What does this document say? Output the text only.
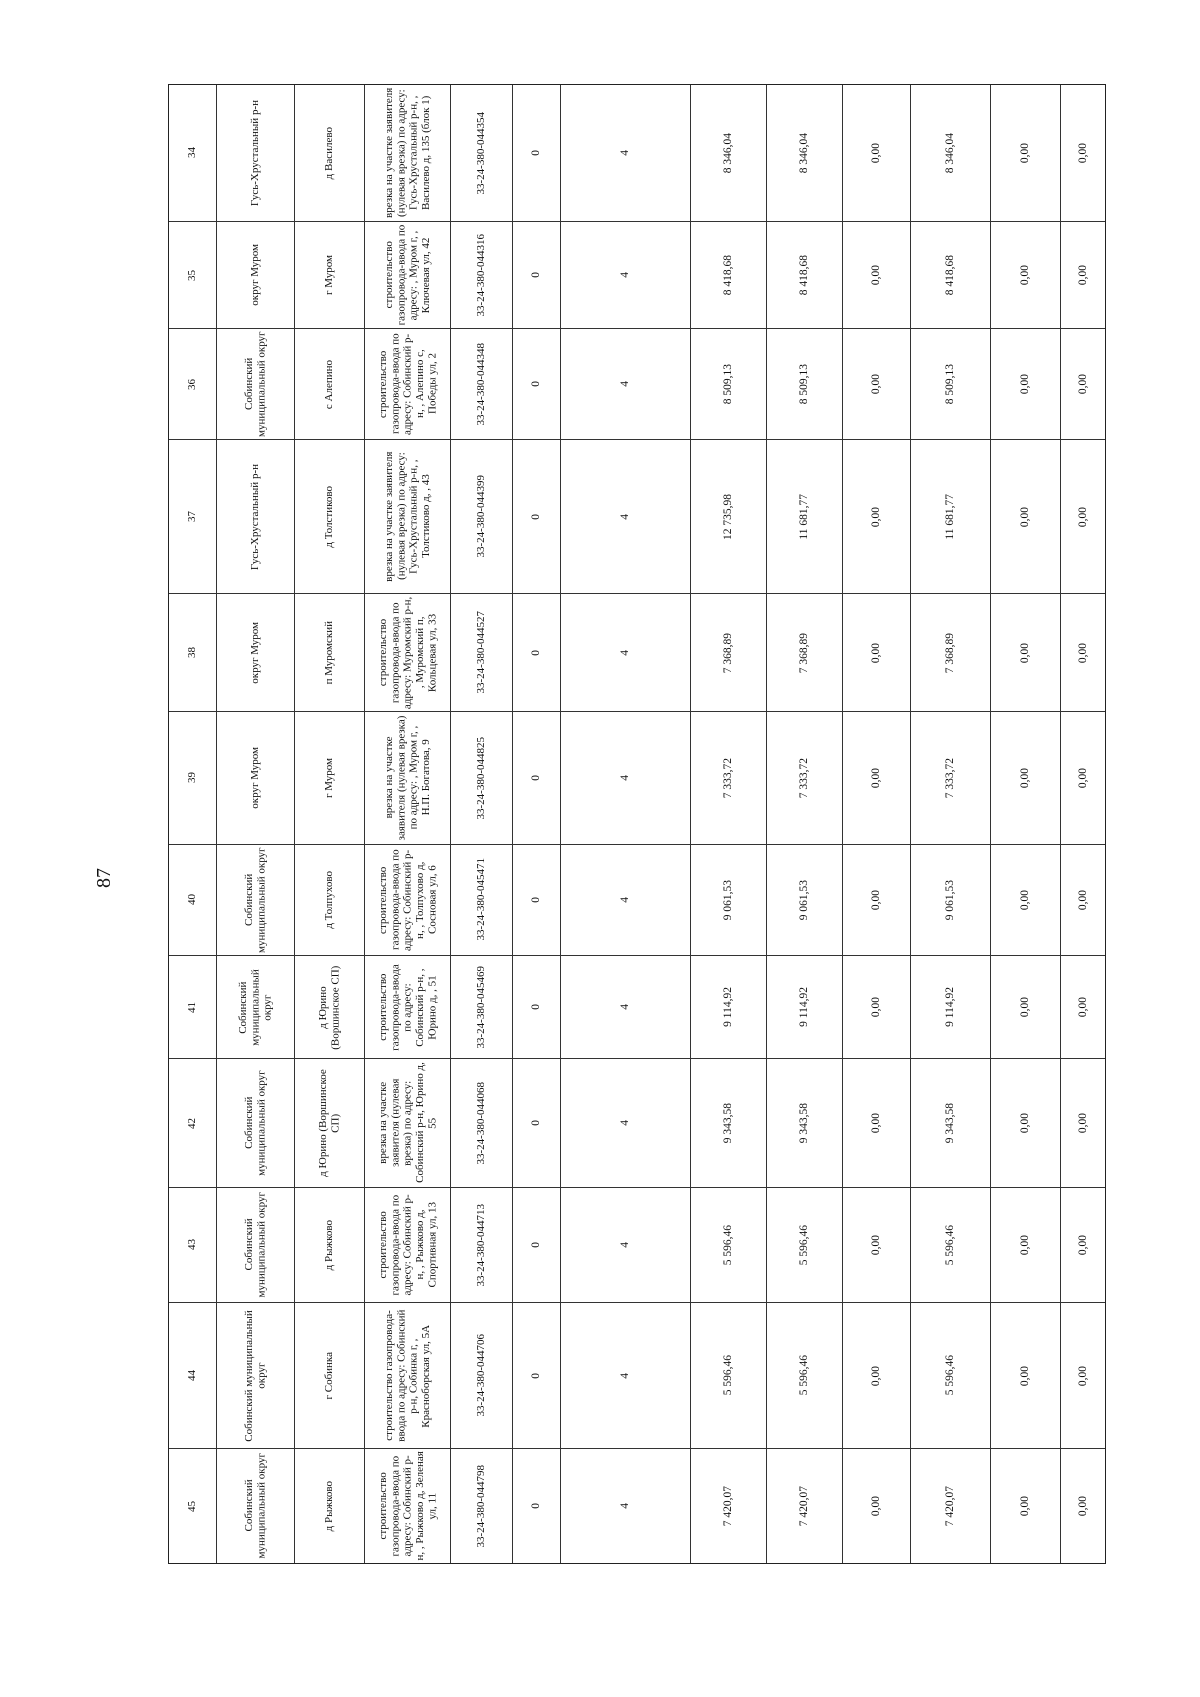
87
34	Гусь-Хрустальный р-н	д Василево	врезка на участке заявителя (нулевая врезка) по адресу: Гусь-Хрустальный р-н, , Василево д, 135 (блок 1)	33-24-380-044354	0	4	8 346,04	8 346,04	0,00	8 346,04	0,00	0,00
35	округ Муром	г Муром	строительство газопровода-ввода по адресу: , Муром г, , Ключевая ул, 42	33-24-380-044316	0	4	8 418,68	8 418,68	0,00	8 418,68	0,00	0,00
36	Собинский муниципальный округ	с Алепино	строительство газопровода-ввода по адресу: Собинский р-н, , Алепино с, Победы ул, 2	33-24-380-044348	0	4	8 509,13	8 509,13	0,00	8 509,13	0,00	0,00
37	Гусь-Хрустальный р-н	д Толстиково	врезка на участке заявителя (нулевая врезка) по адресу: Гусь-Хрустальный р-н, , Толстиково д, , 43	33-24-380-044399	0	4	12 735,98	11 681,77	0,00	11 681,77	0,00	0,00
38	округ Муром	п Муромский	строительство газопровода-ввода по адресу: Муромский р-н, , Муромский п, Кольцевая ул, 33	33-24-380-044527	0	4	7 368,89	7 368,89	0,00	7 368,89	0,00	0,00
39	округ Муром	г Муром	врезка на участке заявителя (нулевая врезка) по адресу: , Муром г, , Н.П. Богатова, 9	33-24-380-044825	0	4	7 333,72	7 333,72	0,00	7 333,72	0,00	0,00
40	Собинский муниципальный округ	д Толпухово	строительство газопровода-ввода по адресу: Собинский р-н, , Толпухово д, Сосновая ул, 6	33-24-380-045471	0	4	9 061,53	9 061,53	0,00	9 061,53	0,00	0,00
41	Собинский муниципальный округ	д Юрино (Воршинское СП)	строительство газопровода-ввода по адресу: Собинский р-н, , Юрино д, , 51	33-24-380-045469	0	4	9 114,92	9 114,92	0,00	9 114,92	0,00	0,00
42	Собинский муниципальный округ	д Юрино (Воршинское СП)	врезка на участке заявителя (нулевая врезка) по адресу: Собинский р-н, Юрино д, 55	33-24-380-044068	0	4	9 343,58	9 343,58	0,00	9 343,58	0,00	0,00
43	Собинский муниципальный округ	д Рыжково	строительство газопровода-ввода по адресу: Собинский р-н, , Рыжково д, Спортивная ул, 13	33-24-380-044713	0	4	5 596,46	5 596,46	0,00	5 596,46	0,00	0,00
44	Собинский муниципальный округ	г Собинка	строительство газопровода-ввода по адресу: Собинский р-н, Собинка г, , Красноборская ул, 5А	33-24-380-044706	0	4	5 596,46	5 596,46	0,00	5 596,46	0,00	0,00
45	Собинский муниципальный округ	д Рыжково	строительство газопровода-ввода по адресу: Собинский р-н, , Рыжково д, Зеленая ул, 11	33-24-380-044798	0	4	7 420,07	7 420,07	0,00	7 420,07	0,00	0,00
